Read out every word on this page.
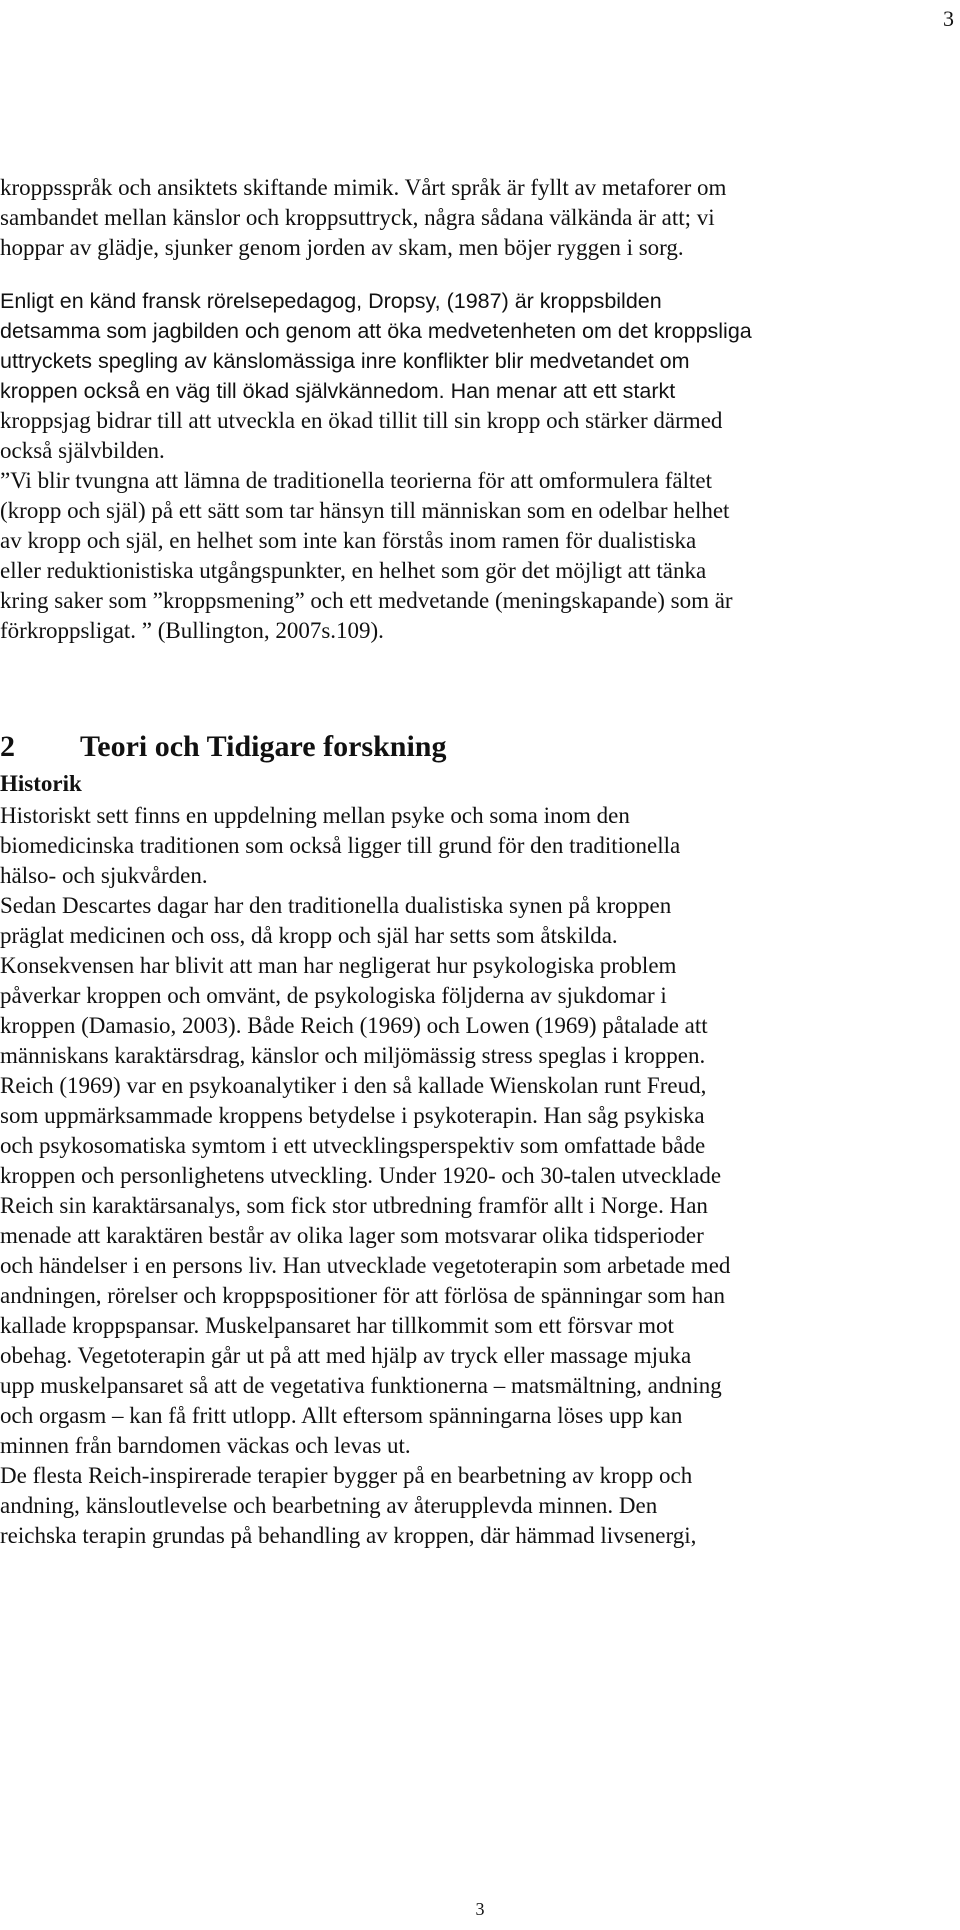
3
kroppsspråk och ansiktets skiftande mimik. Vårt språk är fyllt av metaforer om
sambandet mellan känslor och kroppsuttryck, några sådana välkända är att; vi
hoppar av glädje, sjunker genom jorden av skam, men böjer ryggen i sorg.
Enligt en känd fransk rörelsepedagog, Dropsy, (1987) är kroppsbilden
detsamma som jagbilden och genom att öka medvetenheten om det kroppsliga
uttryckets spegling av känslomässiga inre konflikter blir medvetandet om
kroppen också en väg till ökad självkännedom. Han menar att ett starkt
kroppsjag bidrar till att utveckla en ökad tillit till sin kropp och stärker därmed
också självbilden.
”Vi blir tvungna att lämna de traditionella teorierna för att omformulera fältet
(kropp och själ) på ett sätt som tar hänsyn till människan som en odelbar helhet
av kropp och själ, en helhet som inte kan förstås inom ramen för dualistiska
eller reduktionistiska utgångspunkter, en helhet som gör det möjligt att tänka
kring saker som ”kroppsmening” och ett medvetande (meningskapande) som är
förkroppsligat. ” (Bullington, 2007s.109).
2 Teori och Tidigare forskning
Historik
Historiskt sett finns en uppdelning mellan psyke och soma inom den
biomedicinska traditionen som också ligger till grund för den traditionella
hälso- och sjukvården.
Sedan Descartes dagar har den traditionella dualistiska synen på kroppen
präglat medicinen och oss, då kropp och själ har setts som åtskilda.
Konsekvensen har blivit att man har negligerat hur psykologiska problem
påverkar kroppen och omvänt, de psykologiska följderna av sjukdomar i
kroppen (Damasio, 2003). Både Reich (1969) och Lowen (1969) påtalade att
människans karaktärsdrag, känslor och miljömässig stress speglas i kroppen.
Reich (1969) var en psykoanalytiker i den så kallade Wienskolan runt Freud,
som uppmärksammade kroppens betydelse i psykoterapin. Han såg psykiska
och psykosomatiska symtom i ett utvecklingsperspektiv som omfattade både
kroppen och personlighetens utveckling. Under 1920- och 30-talen utvecklade
Reich sin karaktärsanalys, som fick stor utbredning framför allt i Norge. Han
menade att karaktären består av olika lager som motsvarar olika tidsperioder
och händelser i en persons liv. Han utvecklade vegetoterapin som arbetade med
andningen, rörelser och kroppspositioner för att förlösa de spänningar som han
kallade kroppspansar. Muskelpansaret har tillkommit som ett försvar mot
obehag. Vegetoterapin går ut på att med hjälp av tryck eller massage mjuka
upp muskelpansaret så att de vegetativa funktionerna – matsmältning, andning
och orgasm – kan få fritt utlopp. Allt eftersom spänningarna löses upp kan
minnen från barndomen väckas och levas ut.
De flesta Reich-inspirerade terapier bygger på en bearbetning av kropp och
andning, känsloutlevelse och bearbetning av återupplevda minnen. Den
reichska terapin grundas på behandling av kroppen, där hämmad livsenergi,
3
